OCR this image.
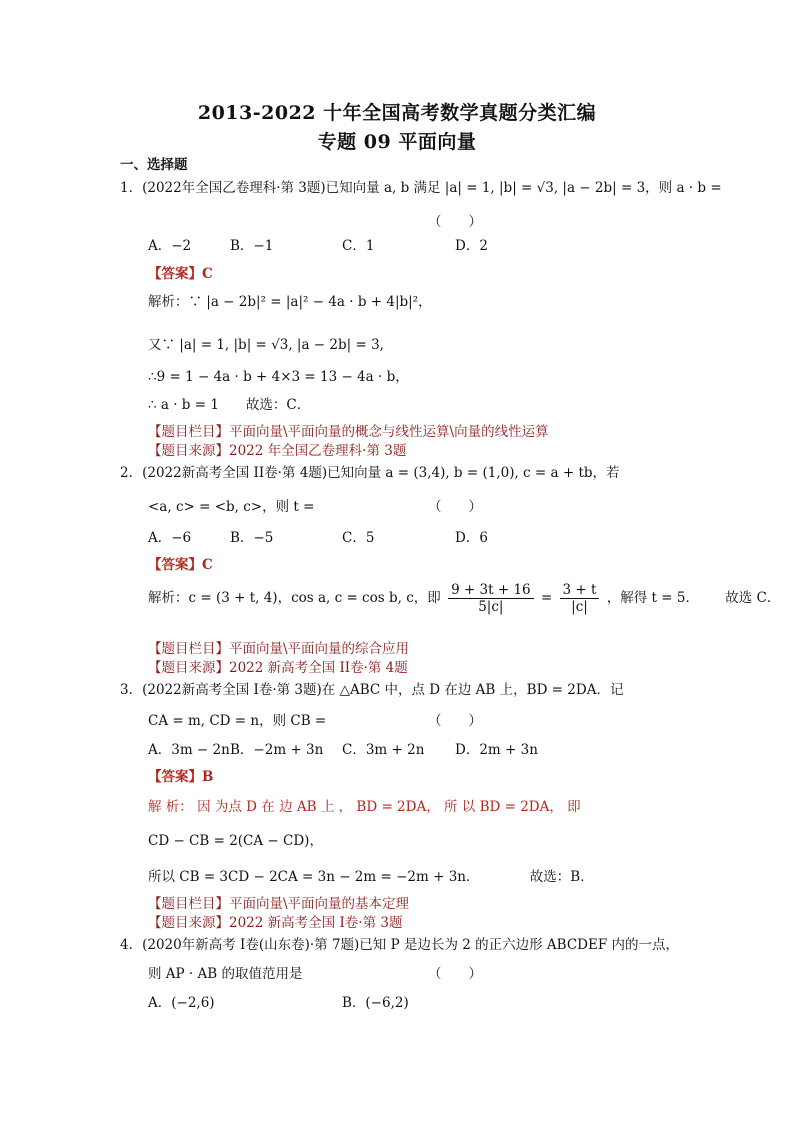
2013-2022 十年全国高考数学真题分类汇编
专题 09 平面向量
一、选择题
1．(2022年全国乙卷理科·第 3题)已知向量 a, b 满足 |a| = 1, |b| = √3, |a − 2b| = 3，则 a · b =
（　　）
A．−2	B．−1	C．1	D．2
【答案】C
解析：∵ |a − 2b|² = |a|² − 4a · b + 4|b|²，
又∵ |a| = 1, |b| = √3, |a − 2b| = 3,
∴9 = 1 − 4a · b + 4×3 = 13 − 4a · b，
∴ a · b = 1　　故选：C．
【题目栏目】平面向量\平面向量的概念与线性运算\向量的线性运算
【题目来源】2022 年全国乙卷理科·第 3题
2．(2022新高考全国 II卷·第 4题)已知向量 a = (3,4), b = (1,0), c = a + tb，若
<a, c> = <b, c>，则 t =	（　　）
A．−6	B．−5	C．5	D．6
【答案】C
解析：c = (3 + t, 4)，cos a, c = cos b, c，即 $\frac{9 + 3t + 16}{5|c|} = \frac{3 + t}{|c|}$ ，解得 t = 5． 故选 C．
【题目栏目】平面向量\平面向量的综合应用
【题目来源】2022 新高考全国 II卷·第 4题
3．(2022新高考全国 I卷·第 3题)在 △ABC 中，点 D 在边 AB 上，BD = 2DA．记
CA = m, CD = n，则 CB =	（　　）
A．3m − 2n B．−2m + 3n C．3m + 2n D．2m + 3n
【答案】B
解 析： 因 为点 D 在 边 AB 上 ， BD = 2DA， 所 以 BD = 2DA， 即
CD − CB = 2(CA − CD)，
所以 CB = 3CD − 2CA = 3n − 2m = −2m + 3n．	故选：B．
【题目栏目】平面向量\平面向量的基本定理
【题目来源】2022 新高考全国 I卷·第 3题
4．(2020年新高考 I卷(山东卷)·第 7题)已知 P 是边长为 2 的正六边形 ABCDEF 内的一点，
则 AP · AB 的取值范用是	（　　）
A．(−2,6)	B．(−6,2)
